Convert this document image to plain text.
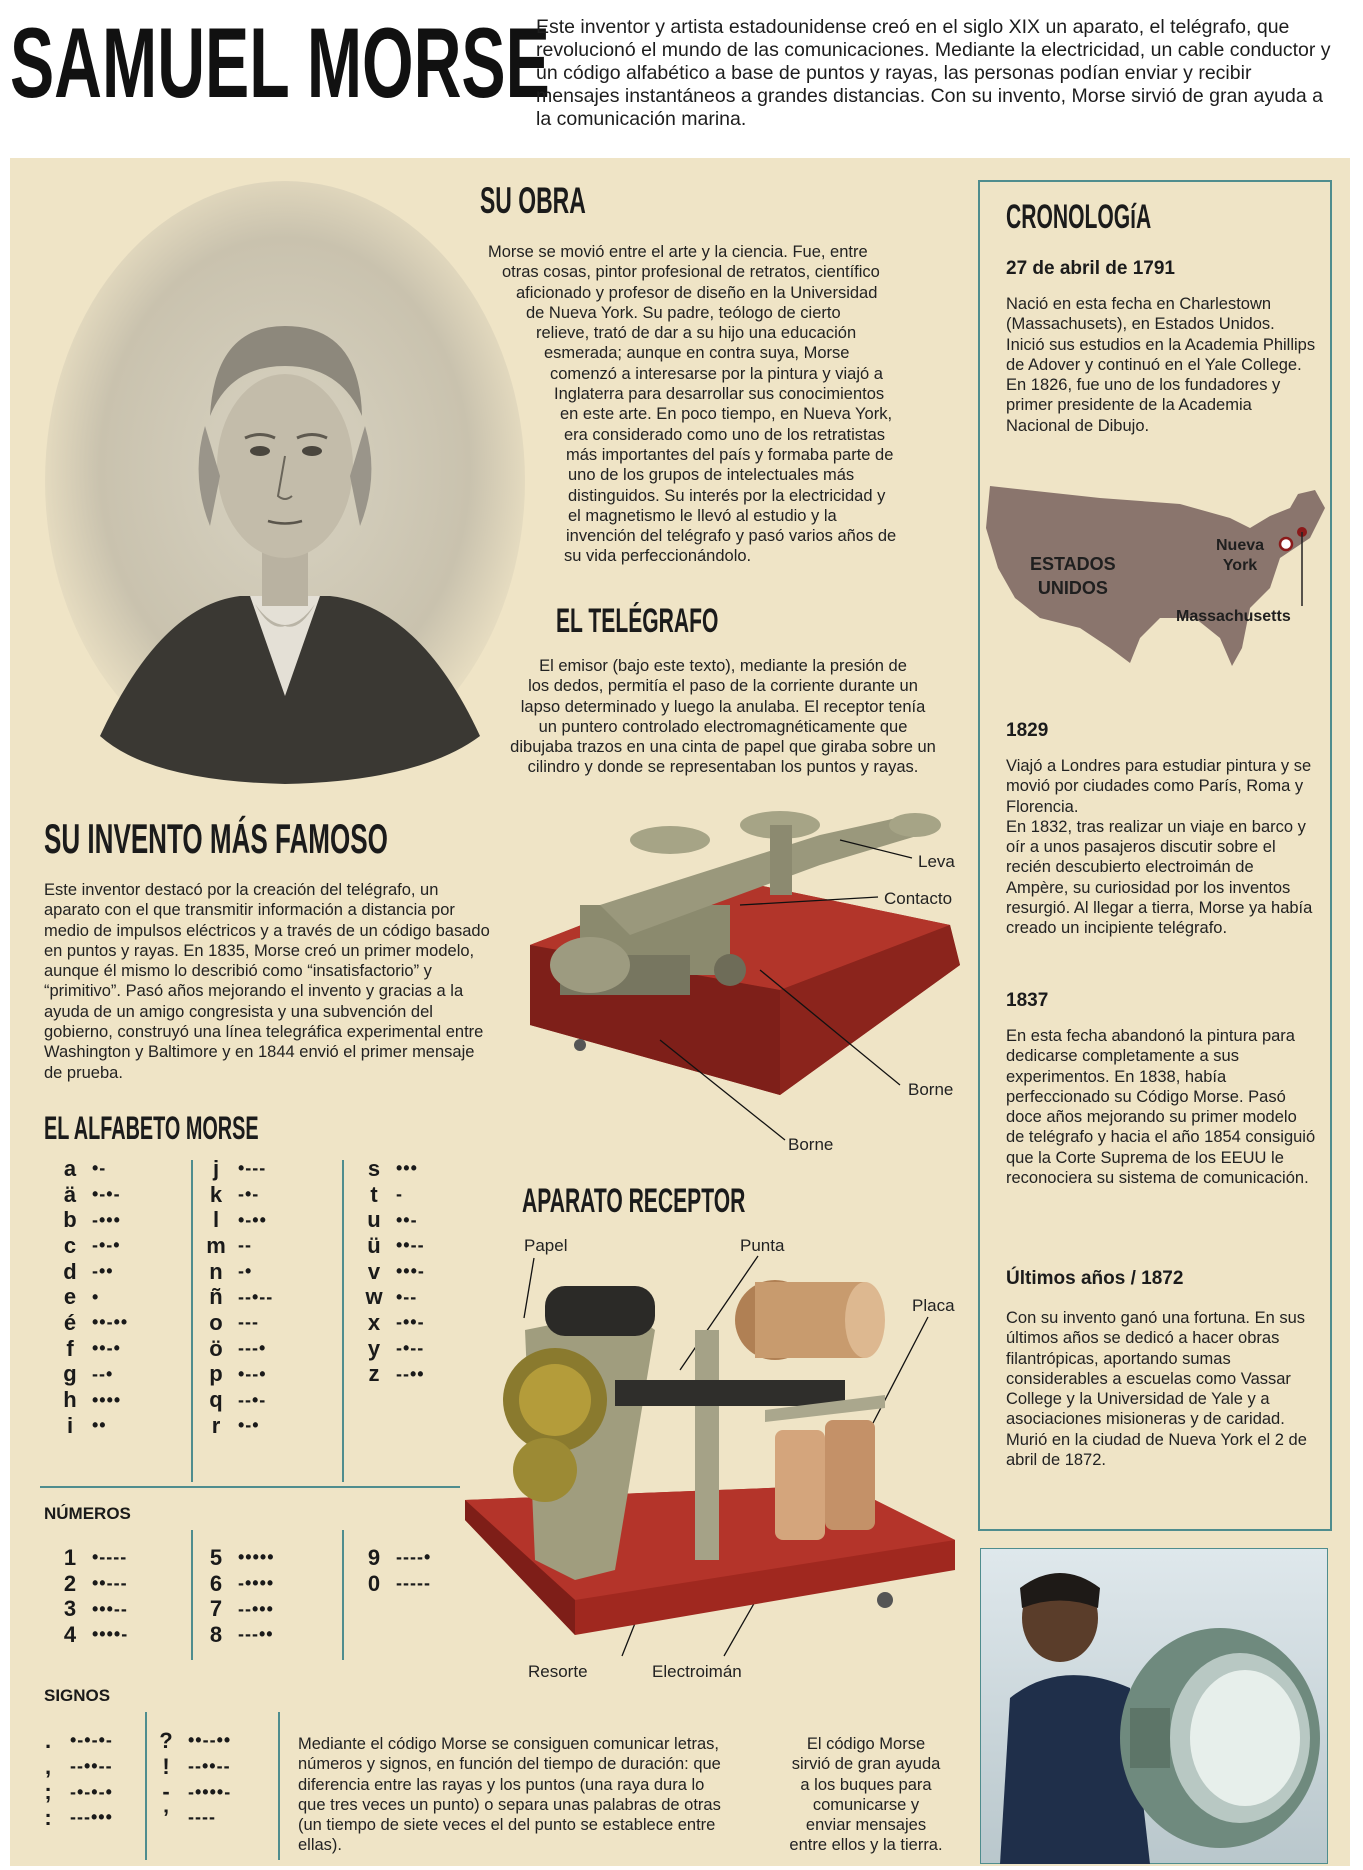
SAMUEL MORSE
Este inventor y artista estadounidense creó en el siglo XIX un aparato, el telégrafo, que revolucionó el mundo de las comunicaciones. Mediante la electricidad, un cable conductor y un código alfabético a base de puntos y rayas, las personas podían enviar y recibir mensajes instantáneos a grandes distancias. Con su invento, Morse sirvió de gran ayuda a la comunicación marina.
SU OBRA
Morse se movió entre el arte y la ciencia. Fue, entre
otras cosas, pintor profesional de retratos, científico
aficionado y profesor de diseño en la Universidad
de Nueva York. Su padre, teólogo de cierto
relieve, trató de dar a su hijo una educación
esmerada; aunque en contra suya, Morse
comenzó a interesarse por la pintura y viajó a
Inglaterra para desarrollar sus conocimientos
en este arte. En poco tiempo, en Nueva York,
era considerado como uno de los retratistas
más importantes del país y formaba parte de
uno de los grupos de intelectuales más
distinguidos. Su interés por la electricidad y
el magnetismo le llevó al estudio y la
invención del telégrafo y pasó varios años de
su vida perfeccionándolo.
EL TELÉGRAFO
El emisor (bajo este texto), mediante la presión de
los dedos, permitía el paso de la corriente durante un
lapso determinado y luego la anulaba. El receptor tenía
un puntero controlado electromagnéticamente que
dibujaba trazos en una cinta de papel que giraba sobre un
cilindro y donde se representaban los puntos y rayas.
Leva
Contacto
Borne
Borne
SU INVENTO MÁS FAMOSO
Este inventor destacó por la creación del telégrafo, un aparato con el que transmitir información a distancia por medio de impulsos eléctricos y a través de un código basado en puntos y rayas. En 1835, Morse creó un primer modelo, aunque él mismo lo describió como “insatisfactorio” y “primitivo”. Pasó años mejorando el invento y gracias a la ayuda de un amigo congresista y una subvención del gobierno, construyó una línea telegráfica experimental entre Washington y Baltimore y en 1844 envió el primer mensaje de prueba.
EL ALFABETO MORSE
a •-
ä •-•-
b -•••
c -•-•
d -••
e •
é ••-••
f	••-•
g --•
h ••••
i	••
j	•---
k -•-
l	•-••
m --
n -•
ñ --•--
o ---
ö ---•
p •--•
q --•-
r •-•
s •••
t	-
u ••-
ü ••--
v •••-
w •--
x -••-
y -•--
z --••
NÚMEROS
1 •----
2 ••---
3 •••--
4 ••••-
5 •••••
6 -••••
7 --•••
8 ---••
9 ----•
0 -----
SIGNOS
.	•-•-•-
,	--••--
;	-•-•-•
:	---•••
? ••--••
!	--••--
-	-••••-
’	----
APARATO RECEPTOR
Papel	Punta
Placa
Resorte	Electroimán
Mediante el código Morse se consiguen comunicar letras, números y signos, en función del tiempo de duración: que diferencia entre las rayas y los puntos (una raya dura lo que tres veces un punto) o separa unas palabras de otras (un tiempo de siete veces el del punto se establece entre ellas).
El código Morse
sirvió de gran ayuda
a los buques para
comunicarse y
enviar mensajes
entre ellos y la tierra.
CRONOLOGíA
27 de abril de 1791
Nació en esta fecha en Charlestown (Massachusets), en Estados Unidos. Inició sus estudios en la Academia Phillips de Adover y continuó en el Yale College. En 1826, fue uno de los fundadores y primer presidente de la Academia Nacional de Dibujo.
ESTADOS
UNIDOS
Nueva
York
Massachusetts
1829
Viajó a Londres para estudiar pintura y se movió por ciudades como París, Roma y Florencia.
En 1832, tras realizar un viaje en barco y oír a unos pasajeros discutir sobre el recién descubierto electroimán de Ampère, su curiosidad por los inventos resurgió. Al llegar a tierra, Morse ya había creado un incipiente telégrafo.
1837
En esta fecha abandonó la pintura para dedicarse completamente a sus experimentos. En 1838, había perfeccionado su Código Morse. Pasó doce años mejorando su primer modelo de telégrafo y hacia el año 1854 consiguió que la Corte Suprema de los EEUU le reconociera su sistema de comunicación.
Últimos años / 1872
Con su invento ganó una fortuna. En sus últimos años se dedicó a hacer obras filantrópicas, aportando sumas considerables a escuelas como Vassar College y la Universidad de Yale y a asociaciones misioneras y de caridad. Murió en la ciudad de Nueva York el 2 de abril de 1872.
